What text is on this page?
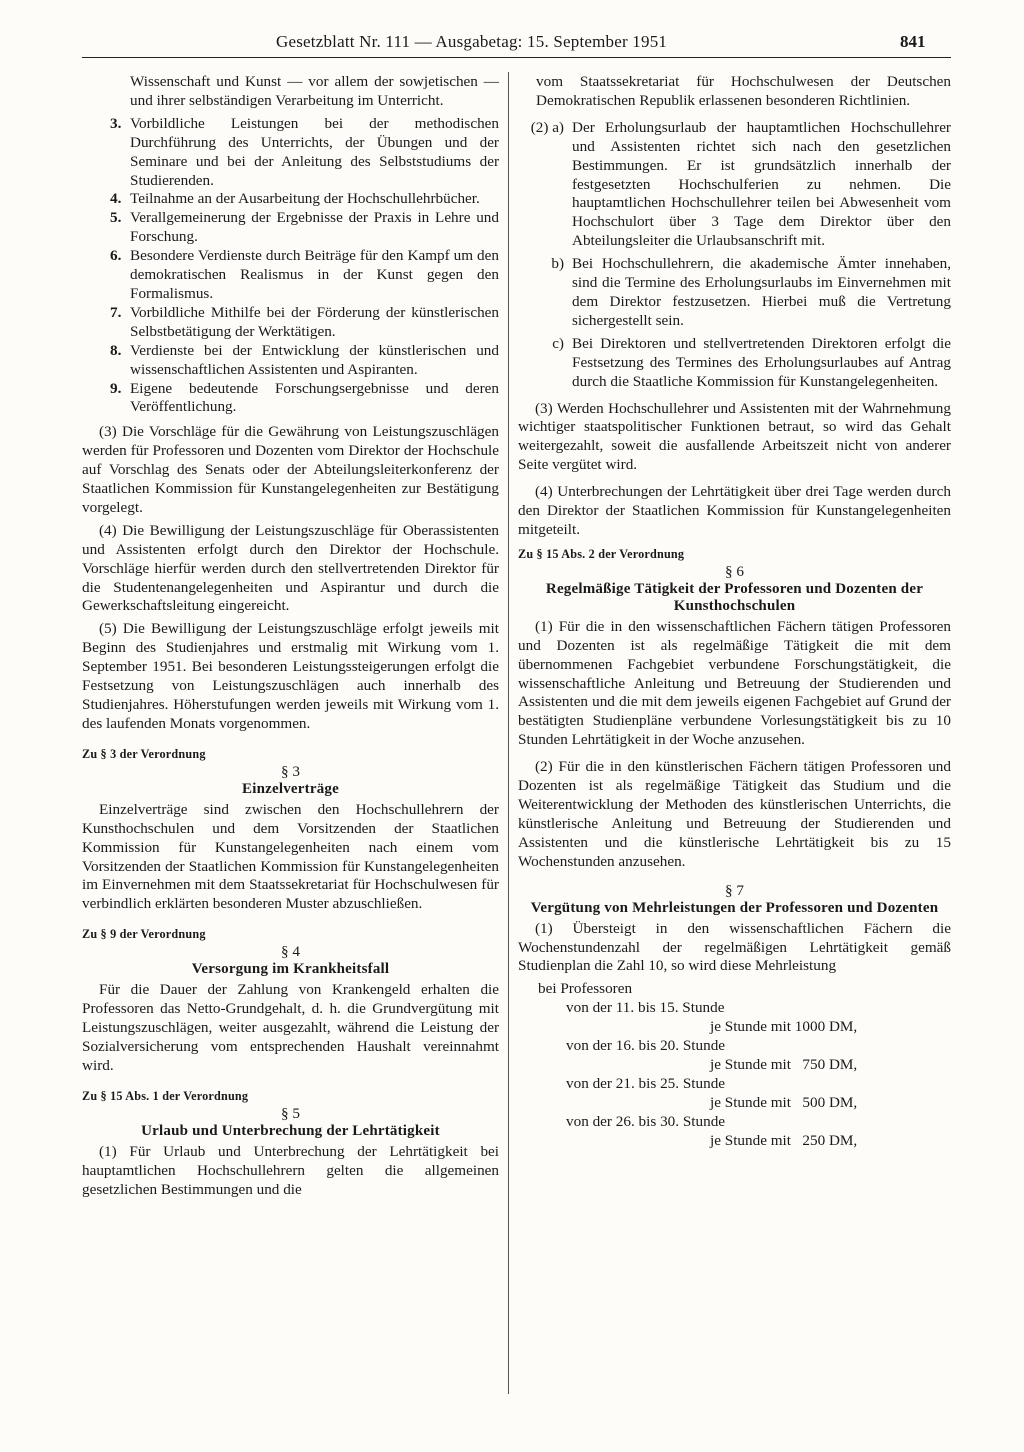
Gesetzblatt Nr. 111 — Ausgabetag: 15. September 1951	841

Wissenschaft und Kunst — vor allem der sowjetischen — und ihrer selbständigen Verarbeitung im Unterricht.

3. Vorbildliche Leistungen bei der methodischen Durchführung des Unterrichts, der Übungen und der Seminare und bei der Anleitung des Selbststudiums der Studierenden.
4. Teilnahme an der Ausarbeitung der Hochschullehrbücher.
5. Verallgemeinerung der Ergebnisse der Praxis in Lehre und Forschung.
6. Besondere Verdienste durch Beiträge für den Kampf um den demokratischen Realismus in der Kunst gegen den Formalismus.
7. Vorbildliche Mithilfe bei der Förderung der künstlerischen Selbstbetätigung der Werktätigen.
8. Verdienste bei der Entwicklung der künstlerischen und wissenschaftlichen Assistenten und Aspiranten.
9. Eigene bedeutende Forschungsergebnisse und deren Veröffentlichung.

(3) Die Vorschläge für die Gewährung von Leistungszuschlägen werden für Professoren und Dozenten vom Direktor der Hochschule auf Vorschlag des Senats oder der Abteilungsleiterkonferenz der Staatlichen Kommission für Kunstangelegenheiten zur Bestätigung vorgelegt.

(4) Die Bewilligung der Leistungszuschläge für Oberassistenten und Assistenten erfolgt durch den Direktor der Hochschule. Vorschläge hierfür werden durch den stellvertretenden Direktor für die Studentenangelegenheiten und Aspirantur und durch die Gewerkschaftsleitung eingereicht.

(5) Die Bewilligung der Leistungszuschläge erfolgt jeweils mit Beginn des Studienjahres und erstmalig mit Wirkung vom 1. September 1951. Bei besonderen Leistungssteigerungen erfolgt die Festsetzung von Leistungszuschlägen auch innerhalb des Studienjahres. Höherstufungen werden jeweils mit Wirkung vom 1. des laufenden Monats vorgenommen.

Zu § 3 der Verordnung
§ 3
Einzelverträge

Einzelverträge sind zwischen den Hochschullehrern der Kunsthochschulen und dem Vorsitzenden der Staatlichen Kommission für Kunstangelegenheiten nach einem vom Vorsitzenden der Staatlichen Kommission für Kunstangelegenheiten im Einvernehmen mit dem Staatssekretariat für Hochschulwesen für verbindlich erklärten besonderen Muster abzuschließen.

Zu § 9 der Verordnung
§ 4
Versorgung im Krankheitsfall

Für die Dauer der Zahlung von Krankengeld erhalten die Professoren das Netto-Grundgehalt, d. h. die Grundvergütung mit Leistungszuschlägen, weiter ausgezahlt, während die Leistung der Sozialversicherung vom entsprechenden Haushalt vereinnahmt wird.

Zu § 15 Abs. 1 der Verordnung
§ 5
Urlaub und Unterbrechung der Lehrtätigkeit

(1) Für Urlaub und Unterbrechung der Lehrtätigkeit bei hauptamtlichen Hochschullehrern gelten die allgemeinen gesetzlichen Bestimmungen und die

vom Staatssekretariat für Hochschulwesen der Deutschen Demokratischen Republik erlassenen besonderen Richtlinien.

(2) a) Der Erholungsurlaub der hauptamtlichen Hochschullehrer und Assistenten richtet sich nach den gesetzlichen Bestimmungen. Er ist grundsätzlich innerhalb der festgesetzten Hochschulferien zu nehmen. Die hauptamtlichen Hochschullehrer teilen bei Abwesenheit vom Hochschulort über 3 Tage dem Direktor über den Abteilungsleiter die Urlaubsanschrift mit.
b) Bei Hochschullehrern, die akademische Ämter innehaben, sind die Termine des Erholungsurlaubs im Einvernehmen mit dem Direktor festzusetzen. Hierbei muß die Vertretung sichergestellt sein.
c) Bei Direktoren und stellvertretenden Direktoren erfolgt die Festsetzung des Termines des Erholungsurlaubes auf Antrag durch die Staatliche Kommission für Kunstangelegenheiten.

(3) Werden Hochschullehrer und Assistenten mit der Wahrnehmung wichtiger staatspolitischer Funktionen betraut, so wird das Gehalt weitergezahlt, soweit die ausfallende Arbeitszeit nicht von anderer Seite vergütet wird.

(4) Unterbrechungen der Lehrtätigkeit über drei Tage werden durch den Direktor der Staatlichen Kommission für Kunstangelegenheiten mitgeteilt.

Zu § 15 Abs. 2 der Verordnung
§ 6
Regelmäßige Tätigkeit der Professoren und Dozenten der Kunsthochschulen

(1) Für die in den wissenschaftlichen Fächern tätigen Professoren und Dozenten ist als regelmäßige Tätigkeit die mit dem übernommenen Fachgebiet verbundene Forschungstätigkeit, die wissenschaftliche Anleitung und Betreuung der Studierenden und Assistenten und die mit dem jeweils eigenen Fachgebiet auf Grund der bestätigten Studienpläne verbundene Vorlesungstätigkeit bis zu 10 Stunden Lehrtätigkeit in der Woche anzusehen.

(2) Für die in den künstlerischen Fächern tätigen Professoren und Dozenten ist als regelmäßige Tätigkeit das Studium und die Weiterentwicklung der Methoden des künstlerischen Unterrichts, die künstlerische Anleitung und Betreuung der Studierenden und Assistenten und die künstlerische Lehrtätigkeit bis zu 15 Wochenstunden anzusehen.

§ 7
Vergütung von Mehrleistungen der Professoren und Dozenten

(1) Übersteigt in den wissenschaftlichen Fächern die Wochenstundenzahl der regelmäßigen Lehrtätigkeit gemäß Studienplan die Zahl 10, so wird diese Mehrleistung

bei Professoren
von der 11. bis 15. Stunde
je Stunde mit 1000 DM,
von der 16. bis 20. Stunde
je Stunde mit   750 DM,
von der 21. bis 25. Stunde
je Stunde mit   500 DM,
von der 26. bis 30. Stunde
je Stunde mit   250 DM,
